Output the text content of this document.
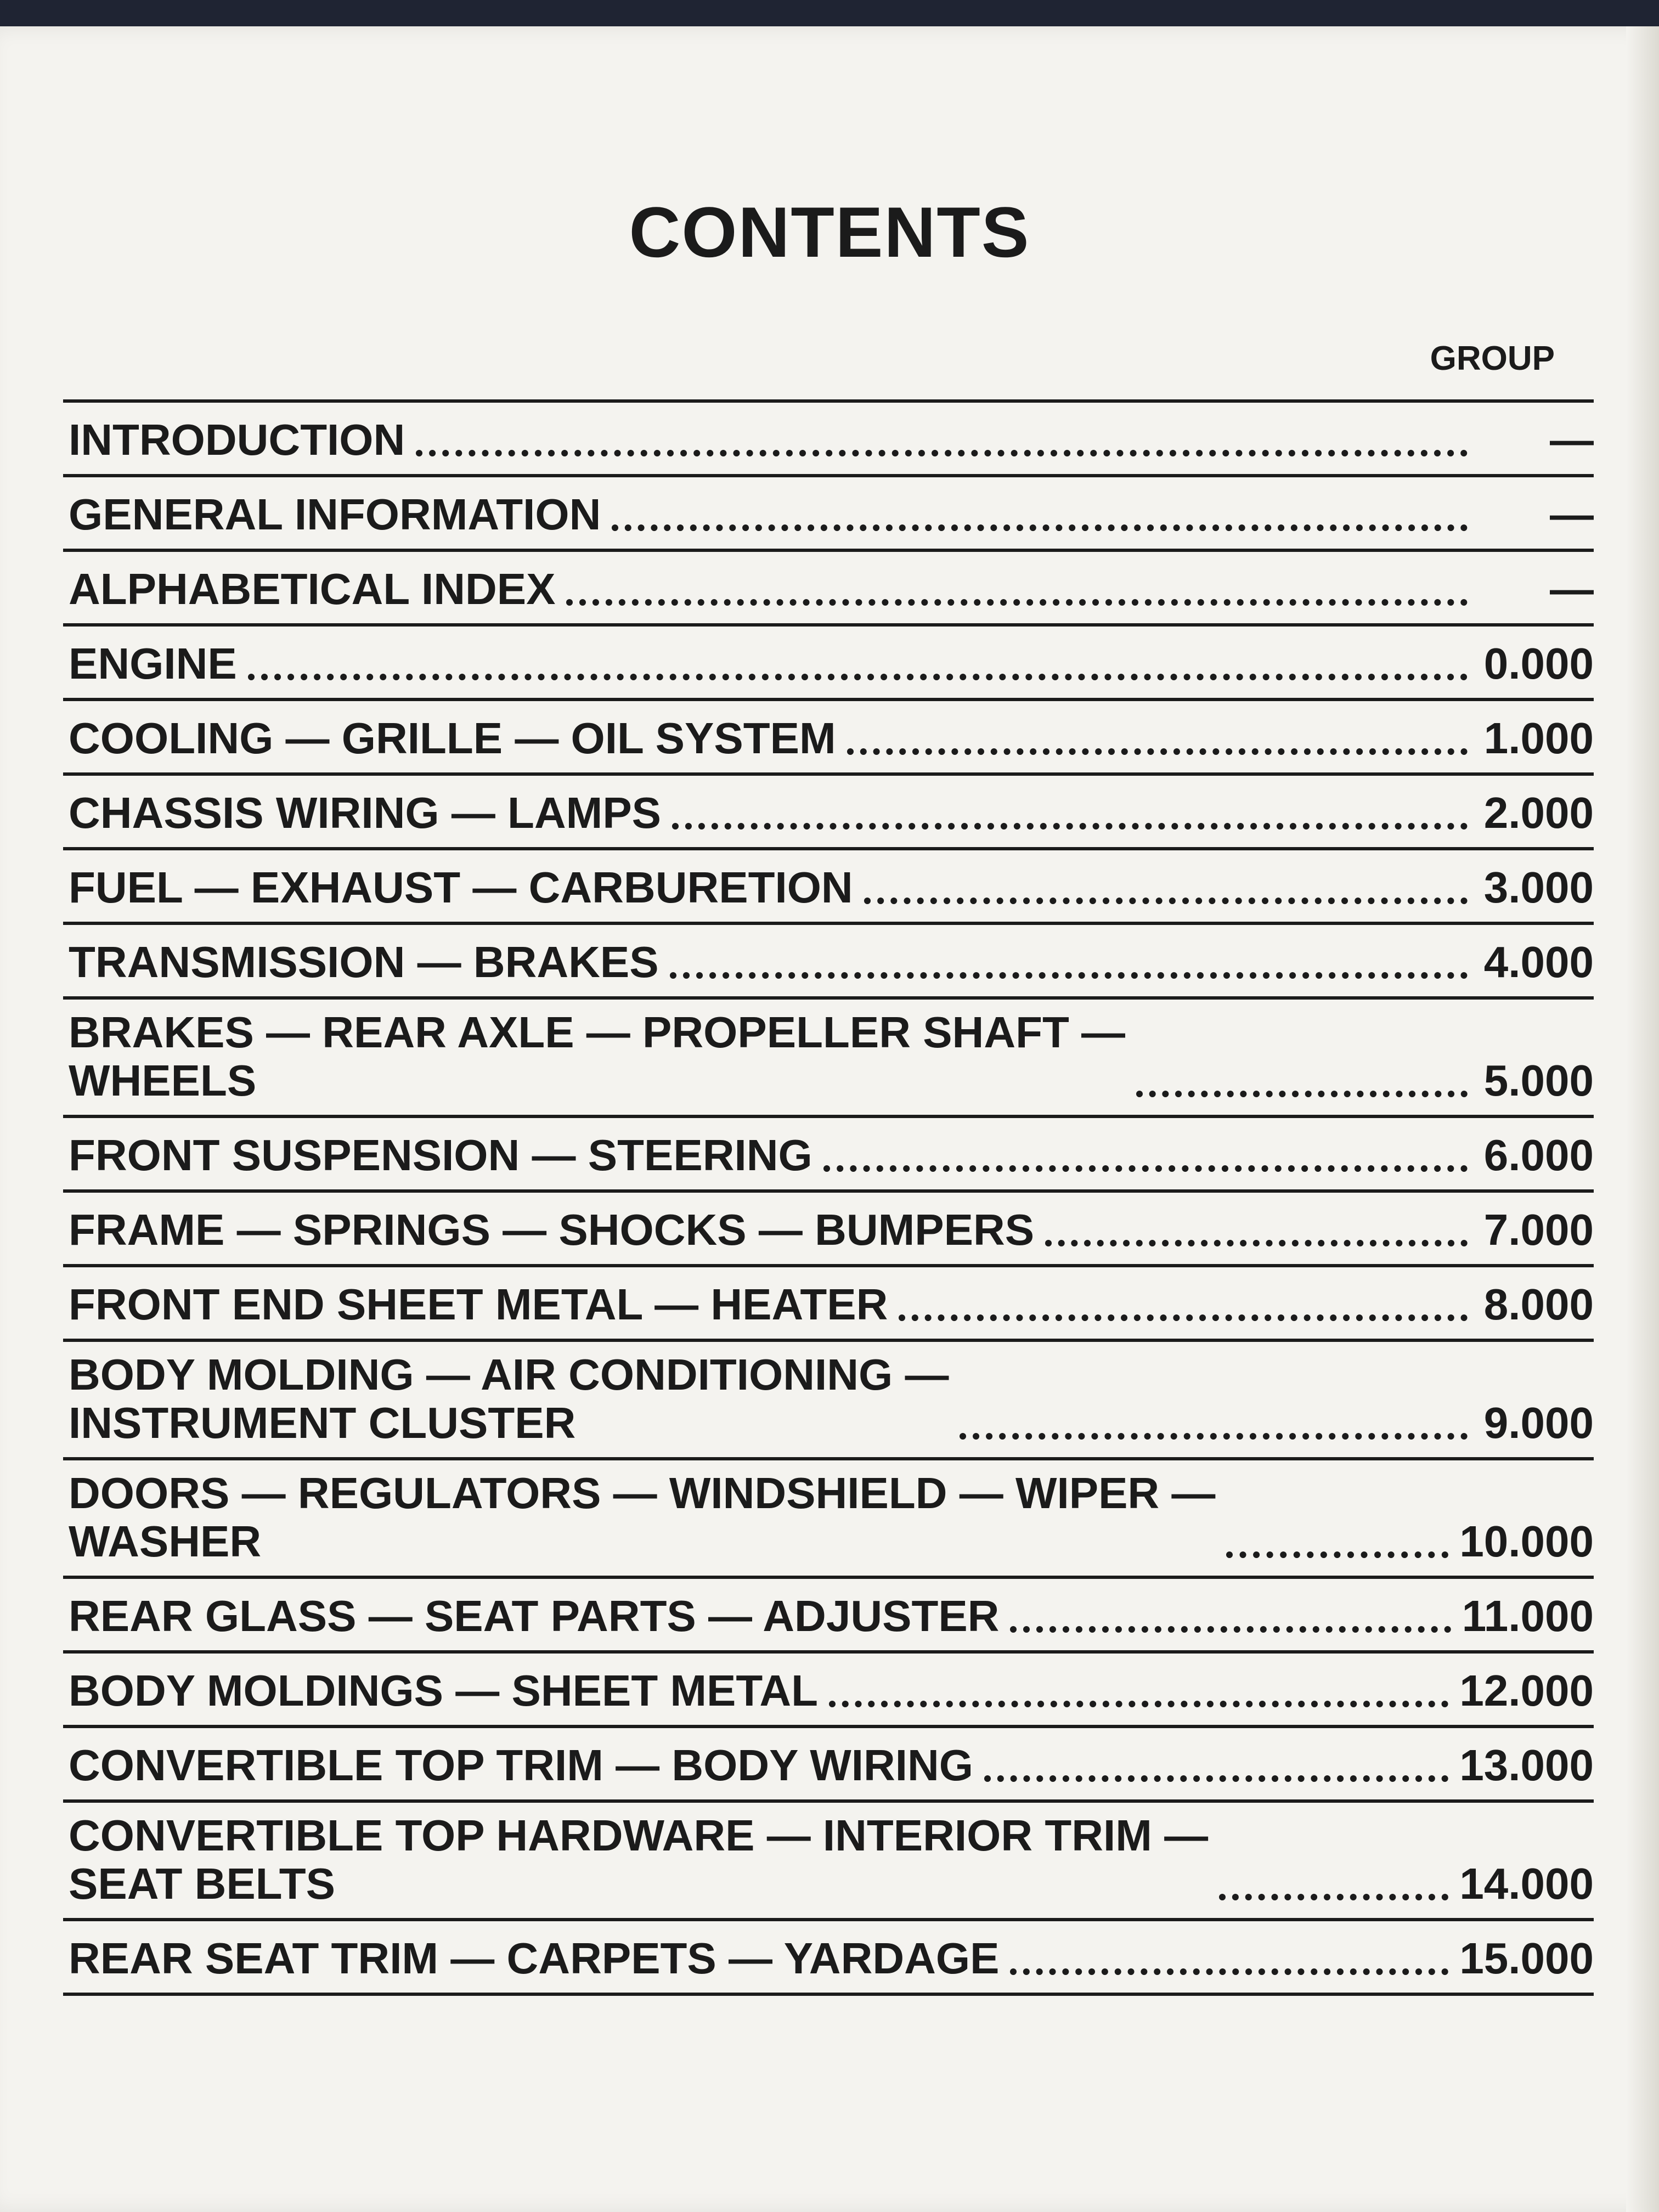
CONTENTS
GROUP
INTRODUCTION	—
GENERAL INFORMATION	—
ALPHABETICAL INDEX	—
ENGINE	0.000
COOLING — GRILLE — OIL SYSTEM	1.000
CHASSIS WIRING — LAMPS	2.000
FUEL — EXHAUST — CARBURETION	3.000
TRANSMISSION — BRAKES	4.000
BRAKES — REAR AXLE — PROPELLER SHAFT —
WHEELS	5.000
FRONT SUSPENSION — STEERING	6.000
FRAME — SPRINGS — SHOCKS — BUMPERS	7.000
FRONT END SHEET METAL — HEATER	8.000
BODY MOLDING — AIR CONDITIONING —
INSTRUMENT CLUSTER	9.000
DOORS — REGULATORS — WINDSHIELD — WIPER —
WASHER	10.000
REAR GLASS — SEAT PARTS — ADJUSTER	11.000
BODY MOLDINGS — SHEET METAL	12.000
CONVERTIBLE TOP TRIM — BODY WIRING	13.000
CONVERTIBLE TOP HARDWARE — INTERIOR TRIM —
SEAT BELTS	14.000
REAR SEAT TRIM — CARPETS — YARDAGE	15.000
